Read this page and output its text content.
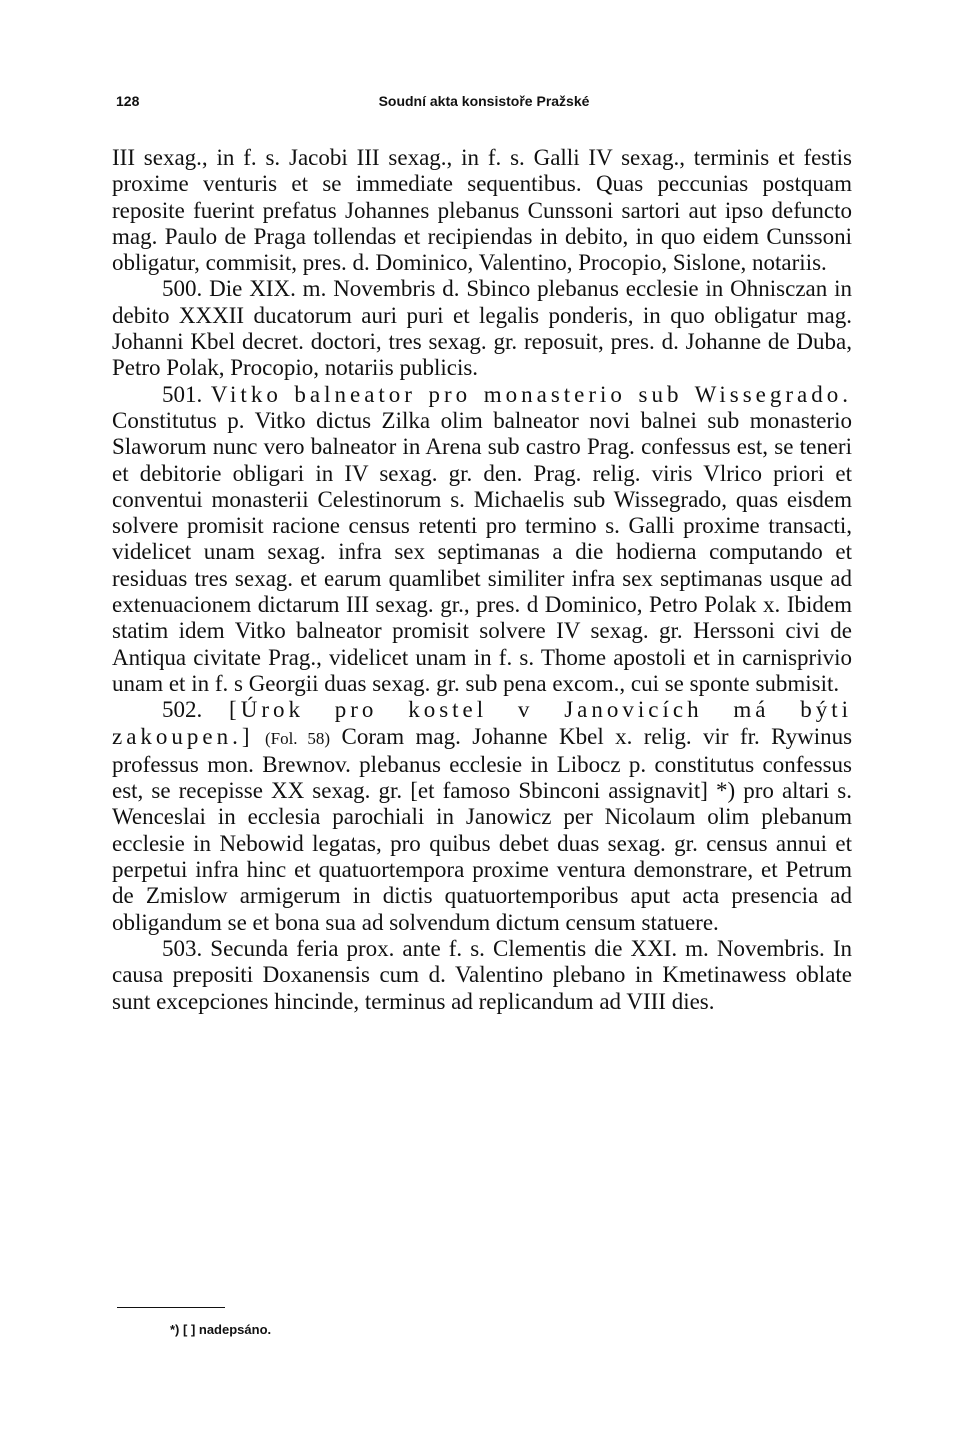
128	Soudní akta konsistoře Pražské

III sexag., in f. s. Jacobi III sexag., in f. s. Galli IV sexag., terminis et festis proxime venturis et se immediate sequentibus. Quas peccunias postquam reposite fuerint prefatus Johannes plebanus Cunssoni sartori aut ipso defuncto mag. Paulo de Praga tollendas et recipiendas in debito, in quo eidem Cunssoni obligatur, commisit, pres. d. Dominico, Valentino, Procopio, Sislone, notariis.

500. Die XIX. m. Novembris d. Sbinco plebanus ecclesie in Ohnisczan in debito XXXII ducatorum auri puri et legalis ponderis, in quo obligatur mag. Johanni Kbel decret. doctori, tres sexag. gr. reposuit, pres. d. Johanne de Duba, Petro Polak, Procopio, notariis publicis.

501. Vitko balneator pro monasterio sub Wissegrado. Constitutus p. Vitko dictus Zilka olim balneator novi balnei sub monasterio Slaworum nunc vero balneator in Arena sub castro Prag. confessus est, se teneri et debitorie obligari in IV sexag. gr. den. Prag. relig. viris Vlrico priori et conventui monasterii Celestinorum s. Michaelis sub Wissegrado, quas eisdem solvere promisit racione census retenti pro termino s. Galli proxime transacti, videlicet unam sexag. infra sex septimanas a die hodierna computando et residuas tres sexag. et earum quamlibet similiter infra sex septimanas usque ad extenuacionem dictarum III sexag. gr., pres. d Dominico, Petro Polak x. Ibidem statim idem Vitko balneator promisit solvere IV sexag. gr. Herssoni civi de Antiqua civitate Prag., videlicet unam in f. s. Thome apostoli et in carnisprivio unam et in f. s Georgii duas sexag. gr. sub pena excom., cui se sponte submisit.

502. [Úrok pro kostel v Janovicích má býti zakoupen.] (Fol. 58) Coram mag. Johanne Kbel x. relig. vir fr. Rywinus professus mon. Brewnov. plebanus ecclesie in Libocz p. constitutus confessus est, se recepisse XX sexag. gr. [et famoso Sbinconi assignavit] *) pro altari s. Wenceslai in ecclesia parochiali in Janowicz per Nicolaum olim plebanum ecclesie in Nebowid legatas, pro quibus debet duas sexag. gr. census annui et perpetui infra hinc et quatuortempora proxime ventura demonstrare, et Petrum de Zmislow armigerum in dictis quatuortemporibus aput acta presencia ad obligandum se et bona sua ad solvendum dictum censum statuere.

503. Secunda feria prox. ante f. s. Clementis die XXI. m. Novembris. In causa prepositi Doxanensis cum d. Valentino plebano in Kmetinawess oblate sunt excepciones hincinde, terminus ad replicandum ad VIII dies.

*) [ ] nadepsáno.
